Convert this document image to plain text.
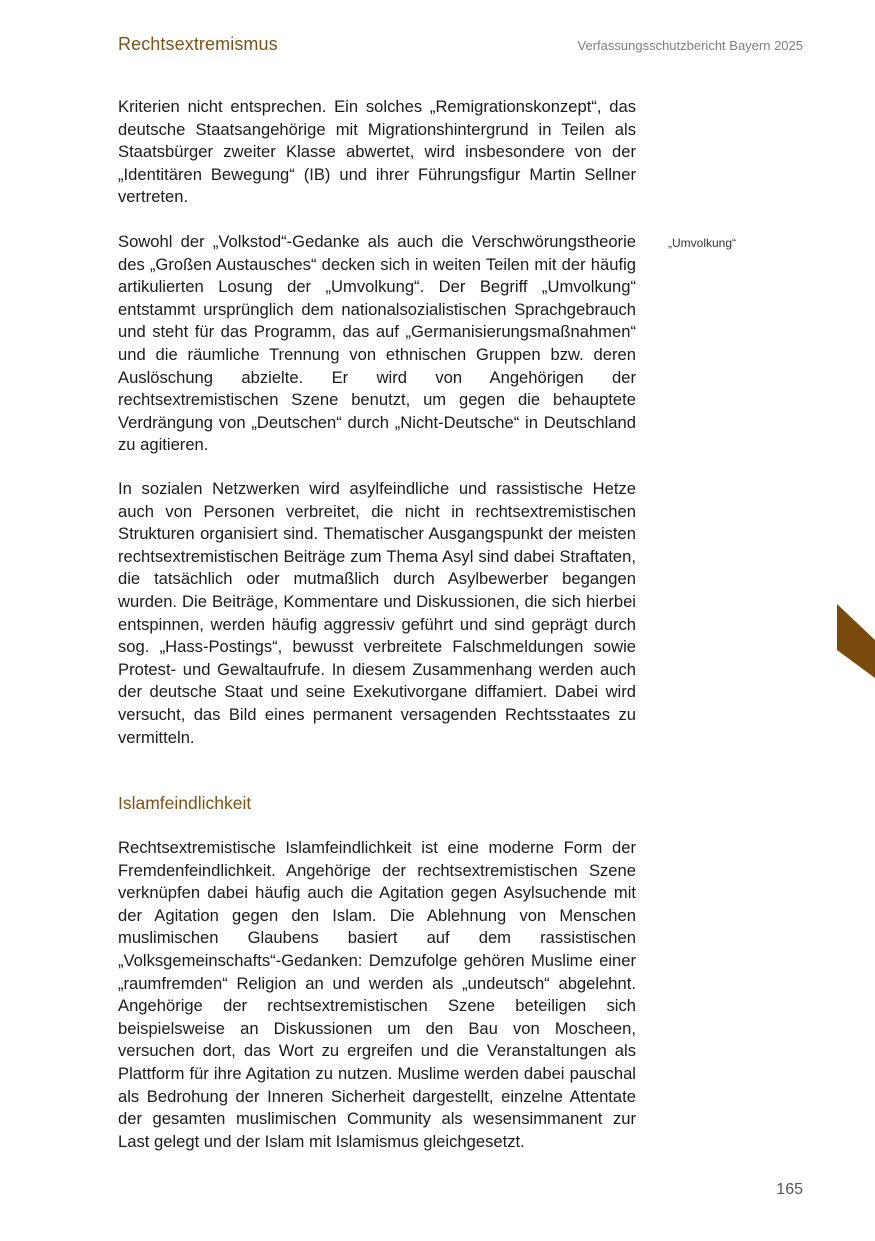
Rechtsextremismus	Verfassungsschutzbericht Bayern 2025

Kriterien nicht entsprechen. Ein solches „Remigrationskonzept“, das deutsche Staatsangehörige mit Migrationshintergrund in Teilen als Staatsbürger zweiter Klasse abwertet, wird insbesondere von der „Identitären Bewegung“ (IB) und ihrer Führungsfigur Martin Sellner vertreten.

Sowohl der „Volkstod“-Gedanke als auch die Verschwörungstheorie des „Großen Austausches“ decken sich in weiten Teilen mit der häufig artikulierten Losung der „Umvolkung“. Der Begriff „Umvolkung“ entstammt ursprünglich dem nationalsozialistischen Sprachgebrauch und steht für das Programm, das auf „Germanisierungsmaßnahmen“ und die räumliche Trennung von ethnischen Gruppen bzw. deren Auslöschung abzielte. Er wird von Angehörigen der rechtsextremistischen Szene benutzt, um gegen die behauptete Verdrängung von „Deutschen“ durch „Nicht-Deutsche“ in Deutschland zu agitieren.

In sozialen Netzwerken wird asylfeindliche und rassistische Hetze auch von Personen verbreitet, die nicht in rechtsextremistischen Strukturen organisiert sind. Thematischer Ausgangspunkt der meisten rechtsextremistischen Beiträge zum Thema Asyl sind dabei Straftaten, die tatsächlich oder mutmaßlich durch Asylbewerber begangen wurden. Die Beiträge, Kommentare und Diskussionen, die sich hierbei entspinnen, werden häufig aggressiv geführt und sind geprägt durch sog. „Hass-Postings“, bewusst verbreitete Falschmeldungen sowie Protest- und Gewaltaufrufe. In diesem Zusammenhang werden auch der deutsche Staat und seine Exekutivorgane diffamiert. Dabei wird versucht, das Bild eines permanent versagenden Rechtsstaates zu vermitteln.

Islamfeindlichkeit

Rechtsextremistische Islamfeindlichkeit ist eine moderne Form der Fremdenfeindlichkeit. Angehörige der rechtsextremistischen Szene verknüpfen dabei häufig auch die Agitation gegen Asylsuchende mit der Agitation gegen den Islam. Die Ablehnung von Menschen muslimischen Glaubens basiert auf dem rassistischen „Volksgemeinschafts“-Gedanken: Demzufolge gehören Muslime einer „raumfremden“ Religion an und werden als „undeutsch“ abgelehnt. Angehörige der rechtsextremistischen Szene beteiligen sich beispielsweise an Diskussionen um den Bau von Moscheen, versuchen dort, das Wort zu ergreifen und die Veranstaltungen als Plattform für ihre Agitation zu nutzen. Muslime werden dabei pauschal als Bedrohung der Inneren Sicherheit dargestellt, einzelne Attentate der gesamten muslimischen Community als wesensimmanent zur Last gelegt und der Islam mit Islamismus gleichgesetzt.

„Umvolkung“
165
